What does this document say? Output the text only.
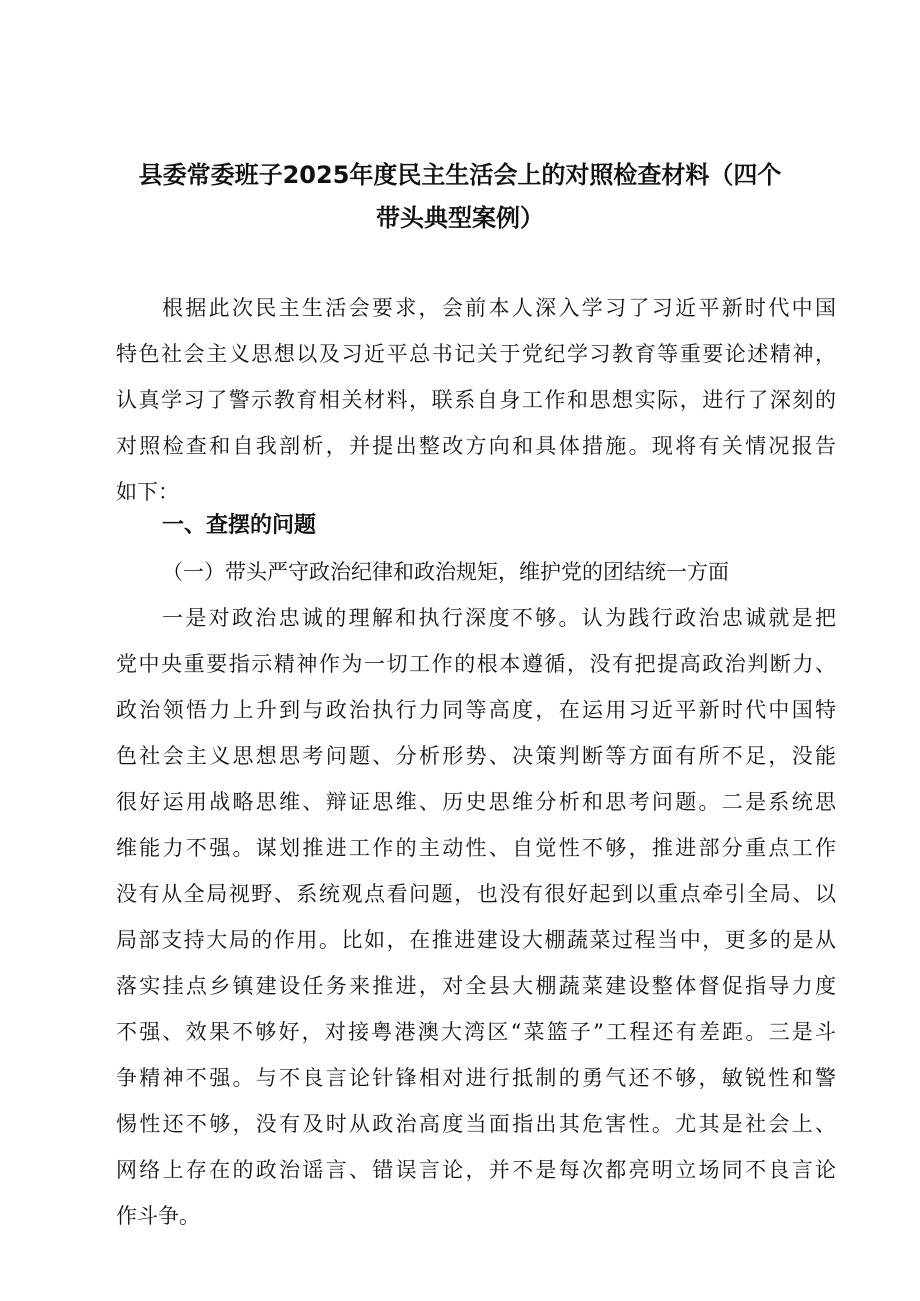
县委常委班子2025年度民主生活会上的对照检查材料（四个
带头典型案例）
根据此次民主生活会要求，会前本人深入学习了习近平新时代中国
特色社会主义思想以及习近平总书记关于党纪学习教育等重要论述精神，
认真学习了警示教育相关材料，联系自身工作和思想实际，进行了深刻的
对照检查和自我剖析，并提出整改方向和具体措施。现将有关情况报告
如下：
一、查摆的问题
（一）带头严守政治纪律和政治规矩，维护党的团结统一方面
一是对政治忠诚的理解和执行深度不够。认为践行政治忠诚就是把
党中央重要指示精神作为一切工作的根本遵循，没有把提高政治判断力、
政治领悟力上升到与政治执行力同等高度，在运用习近平新时代中国特
色社会主义思想思考问题、分析形势、决策判断等方面有所不足，没能
很好运用战略思维、辩证思维、历史思维分析和思考问题。二是系统思
维能力不强。谋划推进工作的主动性、自觉性不够，推进部分重点工作
没有从全局视野、系统观点看问题，也没有很好起到以重点牵引全局、以
局部支持大局的作用。比如，在推进建设大棚蔬菜过程当中，更多的是从
落实挂点乡镇建设任务来推进，对全县大棚蔬菜建设整体督促指导力度
不强、效果不够好，对接粤港澳大湾区“菜篮子”工程还有差距。三是斗
争精神不强。与不良言论针锋相对进行抵制的勇气还不够，敏锐性和警
惕性还不够，没有及时从政治高度当面指出其危害性。尤其是社会上、
网络上存在的政治谣言、错误言论，并不是每次都亮明立场同不良言论
作斗争。
